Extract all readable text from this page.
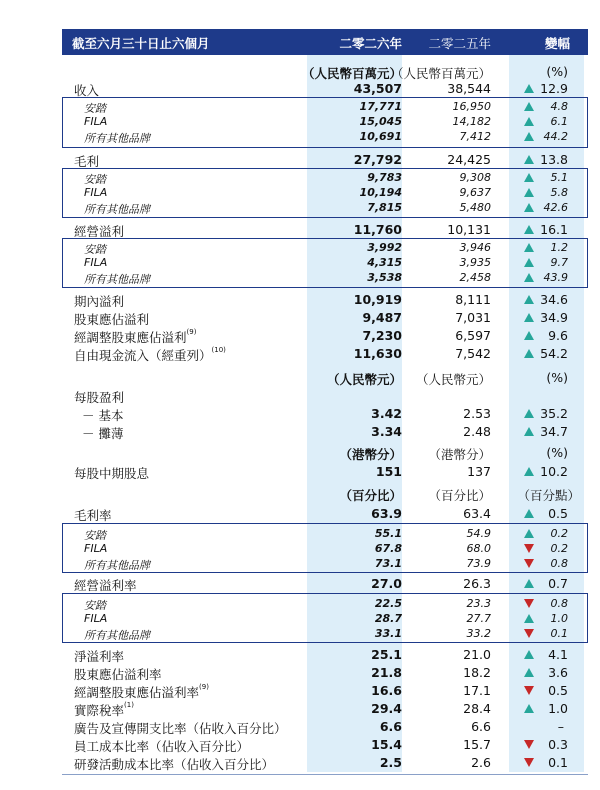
截至六月三十日止六個月	二零二六年 二零二五年	變幅
（人民幣百萬元）
（人民幣百萬元）	(%)
收入	43,507	38,544	12.9
安踏	17,771	16,950	4.8
FILA	15,045	14,182	6.1
所有其他品牌	10,691	7,412	44.2
毛利	27,792	24,425	13.8
安踏	9,783	9,308	5.1
FILA	10,194	9,637	5.8
所有其他品牌	7,815	5,480	42.6
經營溢利	11,760	10,131	16.1
安踏	3,992	3,946	1.2
FILA	4,315	3,935	9.7
所有其他品牌	3,538	2,458	43.9
期內溢利	10,919	8,111	34.6
股東應佔溢利	9,487	7,031	34.9
經調整股東應佔溢利$^{(9)}$	7,230	6,597	9.6
自由現金流入（經重列）$^{(10)}$	11,630	7,542	54.2
（人民幣元） （人民幣元）	(%)
每股盈利
－ 基本	3.42	2.53	35.2
－ 攤薄	3.34	2.48	34.7
（港幣分） （港幣分）	(%)
每股中期股息	151	137	10.2
（百分比） （百分比） （百分點）
毛利率	63.9	63.4	0.5
安踏	55.1	54.9	0.2
FILA	67.8	68.0	0.2
所有其他品牌	73.1	73.9	0.8
經營溢利率	27.0	26.3	0.7
安踏	22.5	23.3	0.8
FILA	28.7	27.7	1.0
所有其他品牌	33.1	33.2	0.1
淨溢利率	25.1	21.0	4.1
股東應佔溢利率	21.8	18.2	3.6
經調整股東應佔溢利率$^{(9)}$	16.6	17.1	0.5
實際稅率$^{(1)}$	29.4	28.4	1.0
廣告及宣傳開支比率（佔收入百分比）	6.6	6.6	–
員工成本比率（佔收入百分比）	15.4	15.7	0.3
研發活動成本比率（佔收入百分比）	2.5	2.6	0.1
